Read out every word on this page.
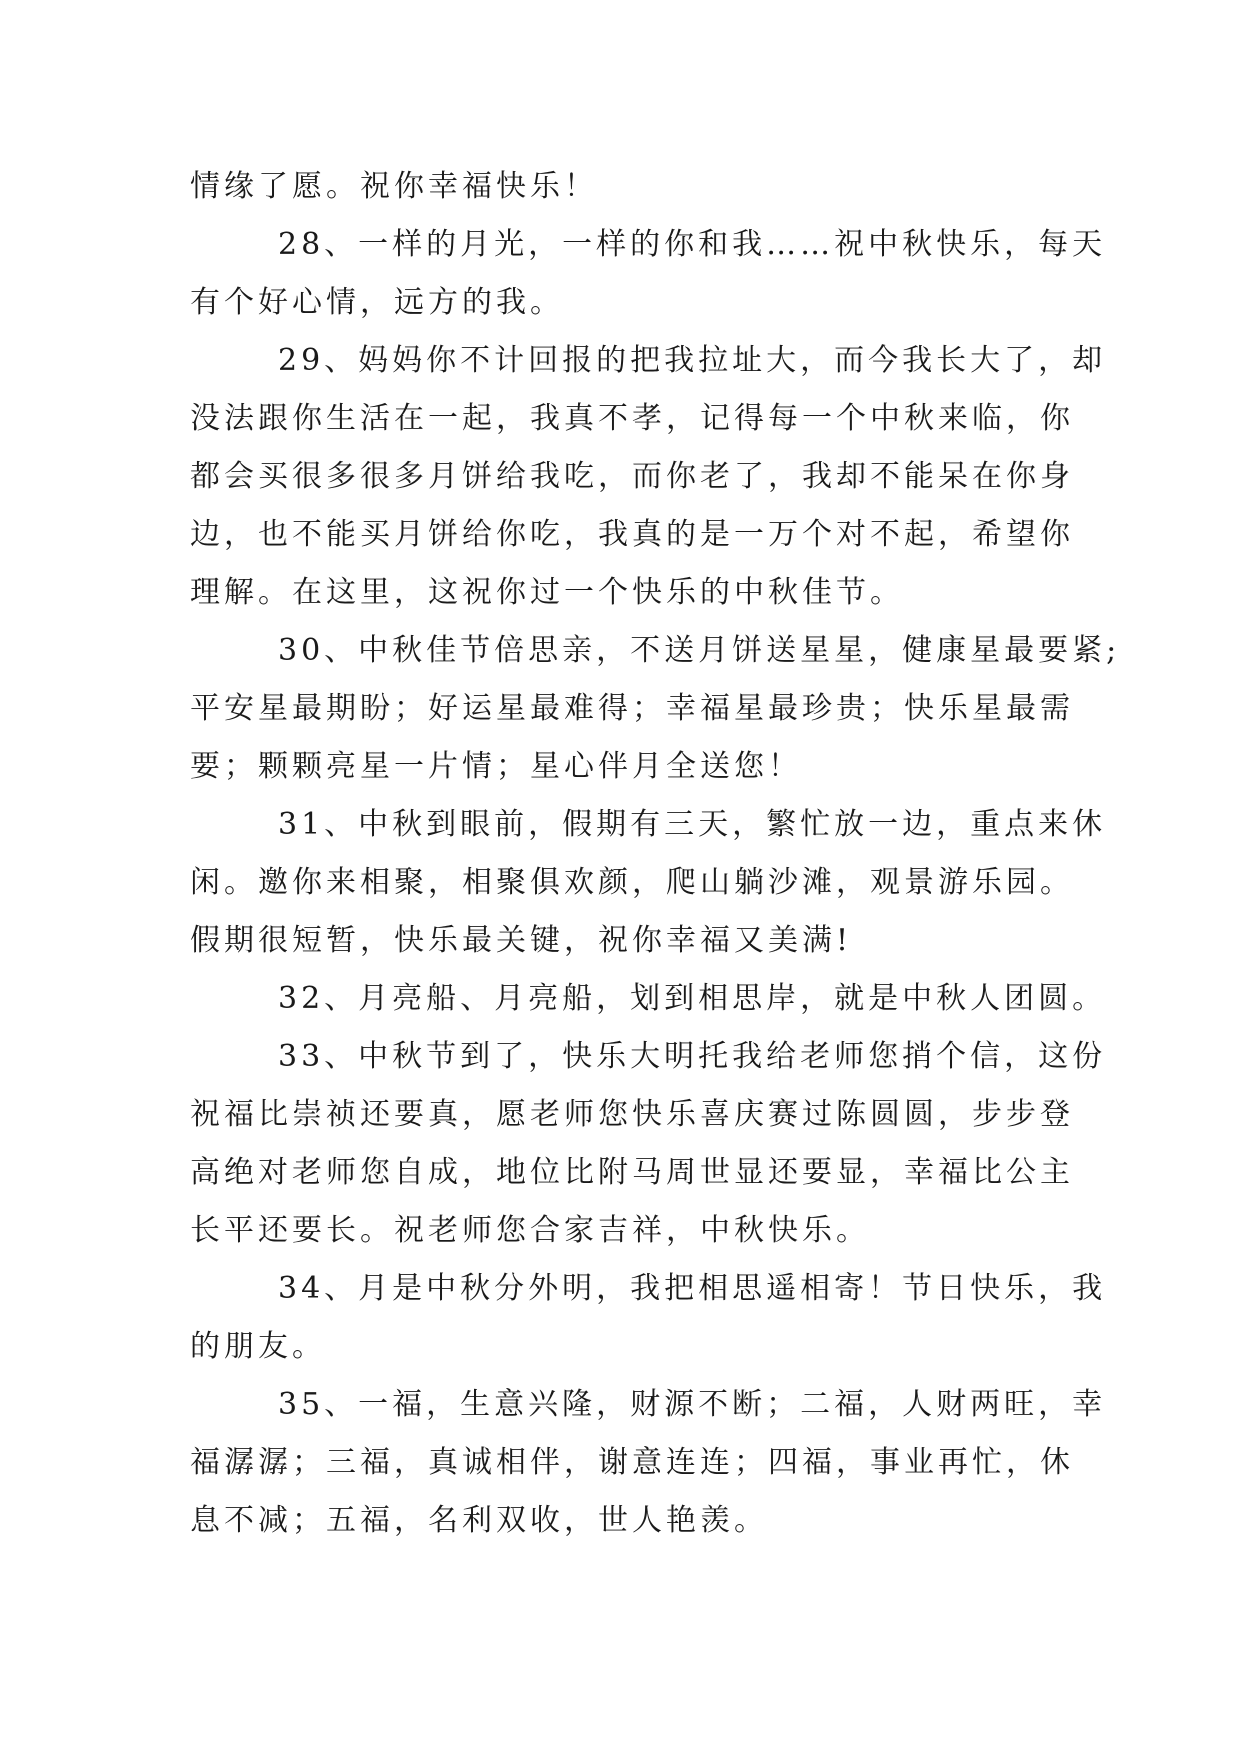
情缘了愿。祝你幸福快乐！
28、一样的月光，一样的你和我……祝中秋快乐，每天
有个好心情，远方的我。
29、妈妈你不计回报的把我拉址大，而今我长大了，却
没法跟你生活在一起，我真不孝，记得每一个中秋来临，你
都会买很多很多月饼给我吃，而你老了，我却不能呆在你身
边，也不能买月饼给你吃，我真的是一万个对不起，希望你
理解。在这里，这祝你过一个快乐的中秋佳节。
30、中秋佳节倍思亲，不送月饼送星星，健康星最要紧;
平安星最期盼；好运星最难得；幸福星最珍贵；快乐星最需
要；颗颗亮星一片情；星心伴月全送您！
31、中秋到眼前，假期有三天，繁忙放一边，重点来休
闲。邀你来相聚，相聚俱欢颜，爬山躺沙滩，观景游乐园。
假期很短暂，快乐最关键，祝你幸福又美满!
32、月亮船、月亮船，划到相思岸，就是中秋人团圆。
33、中秋节到了，快乐大明托我给老师您捎个信，这份
祝福比崇祯还要真，愿老师您快乐喜庆赛过陈圆圆，步步登
高绝对老师您自成，地位比附马周世显还要显，幸福比公主
长平还要长。祝老师您合家吉祥，中秋快乐。
34、月是中秋分外明，我把相思遥相寄！节日快乐，我
的朋友。
35、一福，生意兴隆，财源不断；二福，人财两旺，幸
福潺潺；三福，真诚相伴，谢意连连；四福，事业再忙，休
息不减；五福，名利双收，世人艳羡。
